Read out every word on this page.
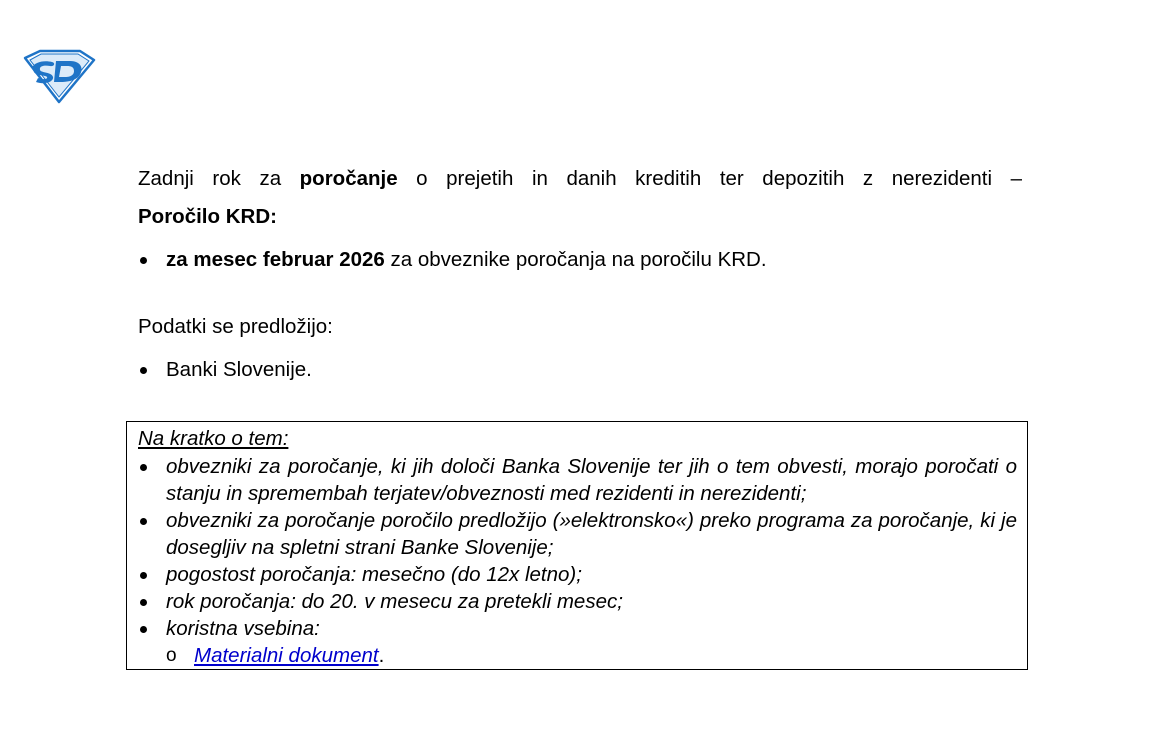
Zadnji rok za poročanje o prejetih in danih kreditih ter depozitih z nerezidenti –
Poročilo KRD:

za mesec februar 2026 za obveznike poročanja na poročilu KRD.

Podatki se predložijo:

Banki Slovenije.
Na kratko o tem:
obvezniki za poročanje, ki jih določi Banka Slovenije ter jih o tem obvesti, morajo poročati o stanju in spremembah terjatev/obveznosti med rezidenti in nerezidenti;
obvezniki za poročanje poročilo predložijo (»elektronsko«) preko programa za poročanje, ki je dosegljiv na spletni strani Banke Slovenije;
pogostost poročanja: mesečno (do 12x letno);
rok poročanja: do 20. v mesecu za pretekli mesec;
koristna vsebina:
o Materialni dokument.
